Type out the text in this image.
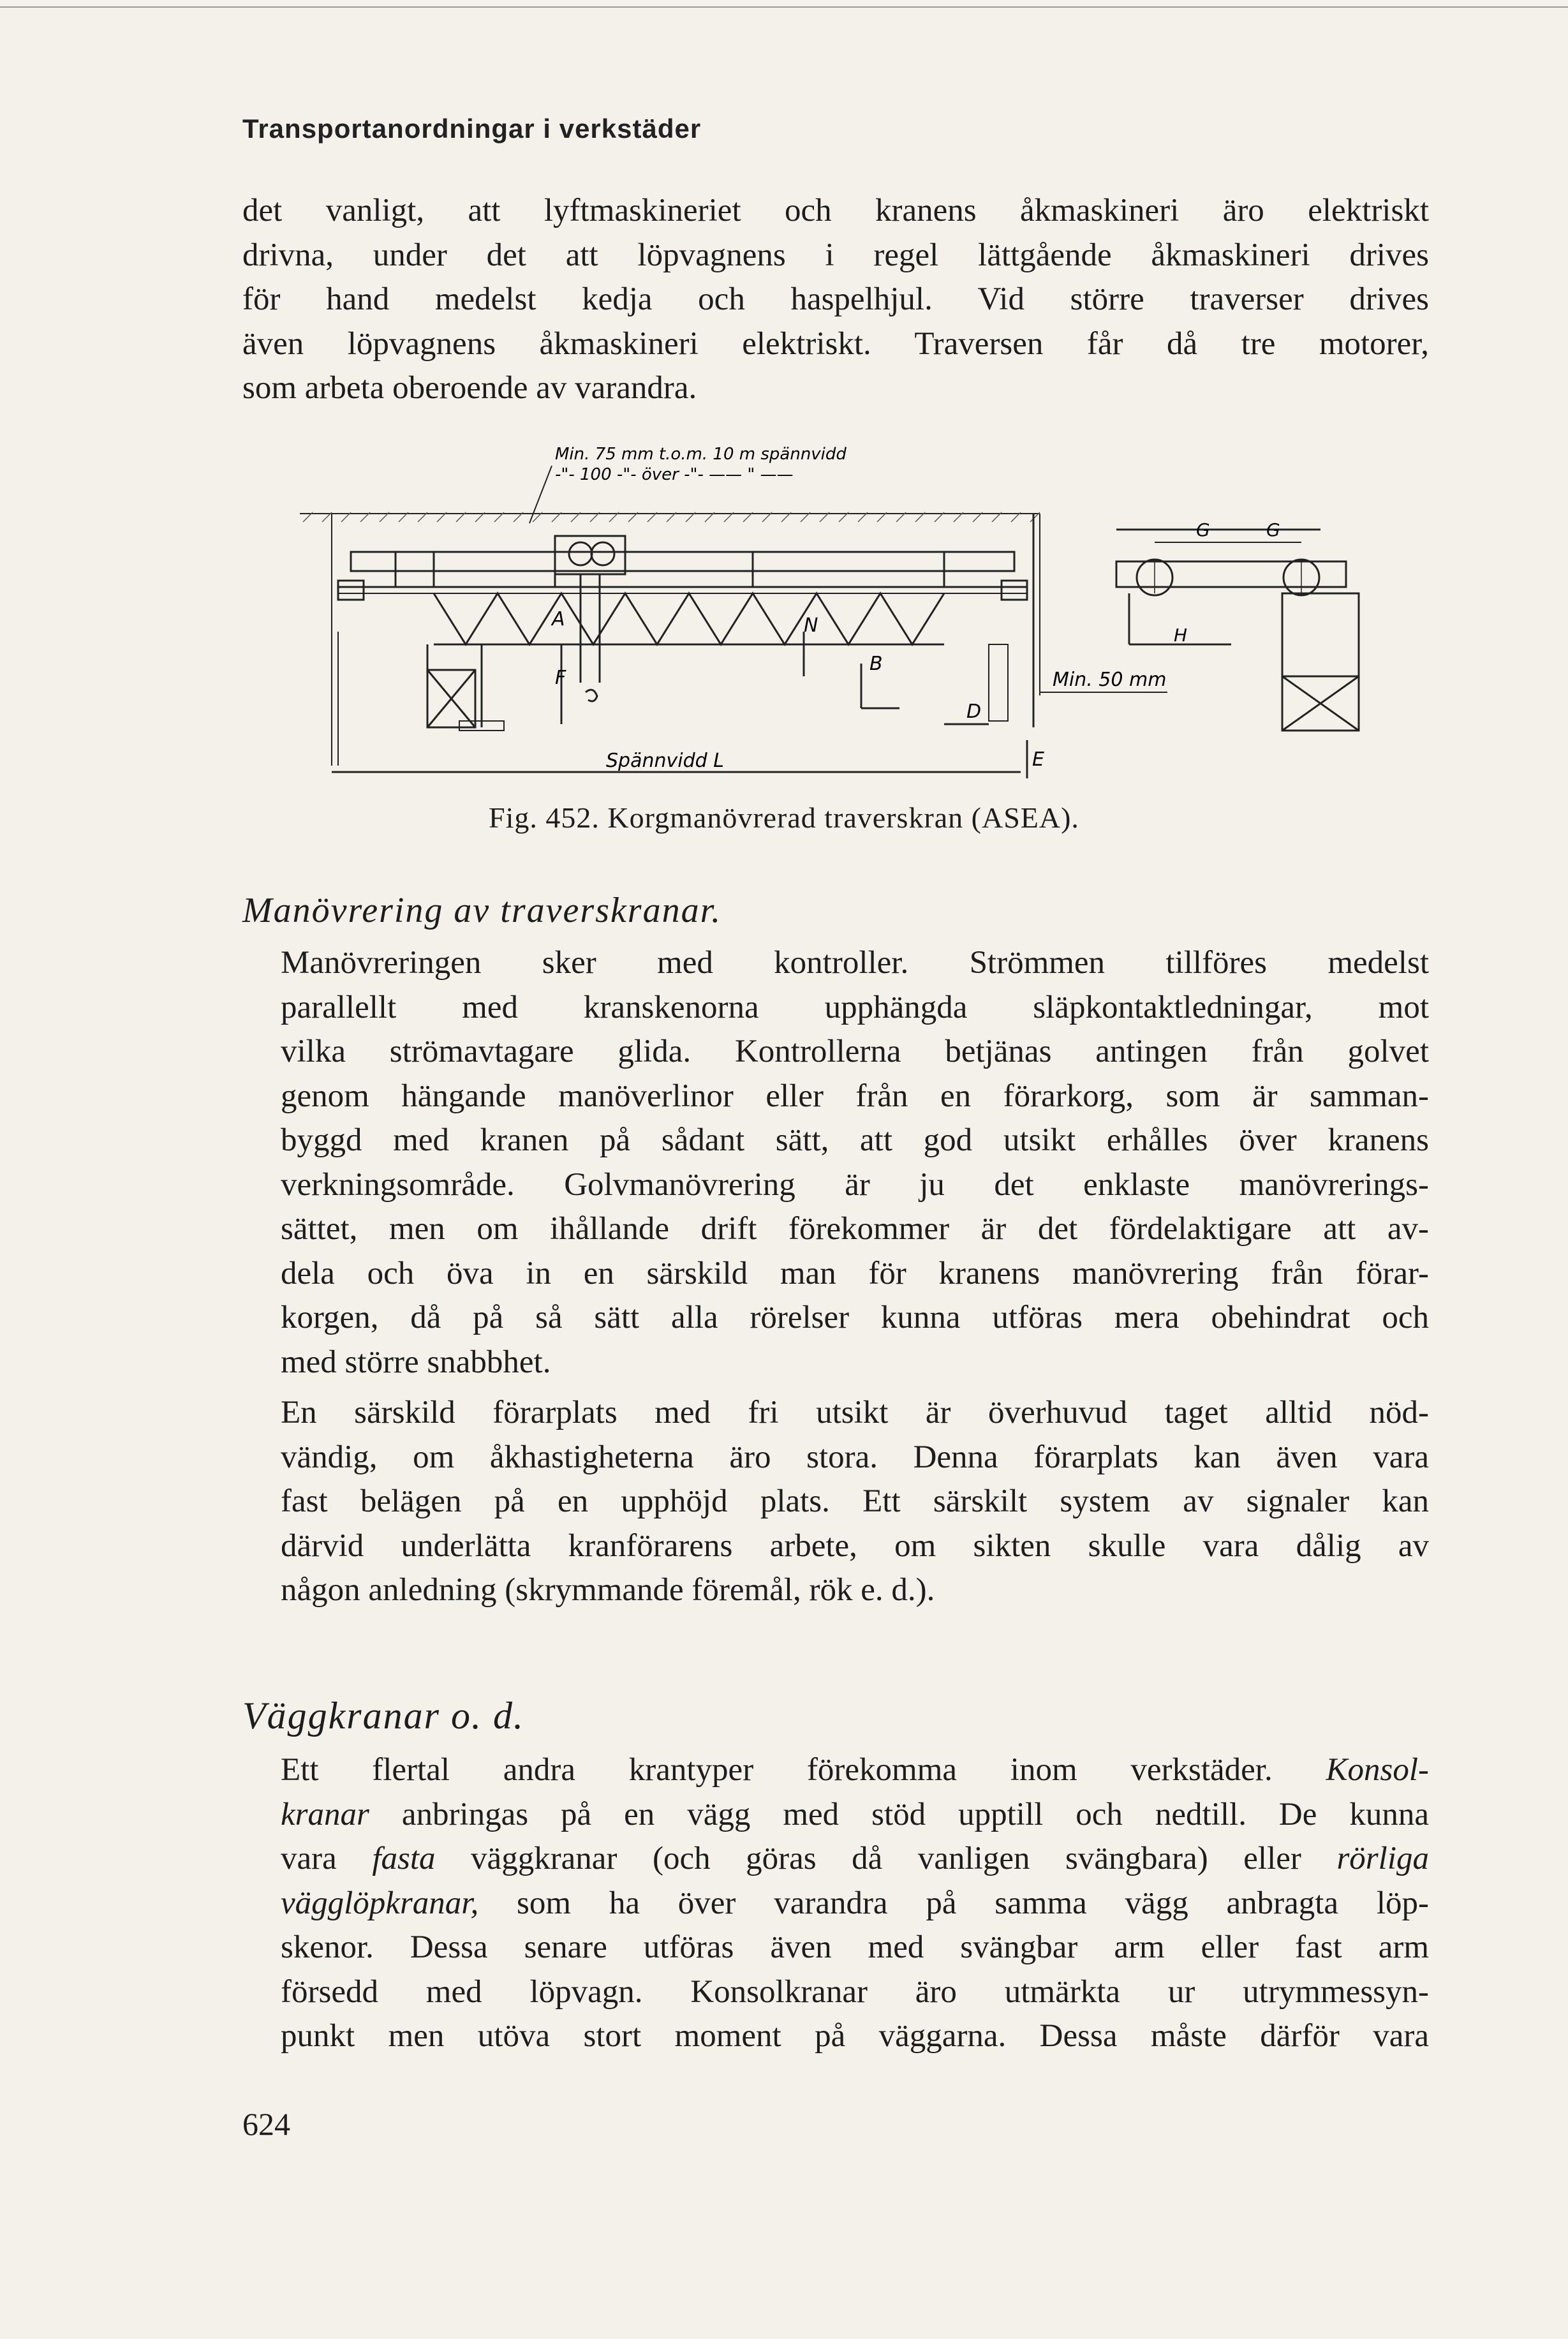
Transportanordningar i verkstäder

det vanligt, att lyftmaskineriet och kranens åkmaskineri äro elektriskt
drivna, under det att löpvagnens i regel lättgående åkmaskineri drives
för hand medelst kedja och haspelhjul. Vid större traverser drives
även löpvagnens åkmaskineri elektriskt. Traversen får då tre motorer,
som arbeta oberoende av varandra.

Min. 75 mm t.o.m. 10 m spännvidd
-"- 100 -"- över -"- —— " ——
A	N
F
B
D
E
G	G
H
Min. 50 mm
Spännvidd L
Fig. 452. Korgmanövrerad traverskran (ASEA).
Manövrering av traverskranar.

Manövreringen sker med kontroller. Strömmen tillföres medelst
parallellt med kranskenorna upphängda släpkontaktledningar, mot
vilka strömavtagare glida. Kontrollerna betjänas antingen från golvet
genom hängande manöverlinor eller från en förarkorg, som är samman-
byggd med kranen på sådant sätt, att god utsikt erhålles över kranens
verkningsområde. Golvmanövrering är ju det enklaste manövrerings-
sättet, men om ihållande drift förekommer är det fördelaktigare att av-
dela och öva in en särskild man för kranens manövrering från förar-
korgen, då på så sätt alla rörelser kunna utföras mera obehindrat och
med större snabbhet.

En särskild förarplats med fri utsikt är överhuvud taget alltid nöd-
vändig, om åkhastigheterna äro stora. Denna förarplats kan även vara
fast belägen på en upphöjd plats. Ett särskilt system av signaler kan
därvid underlätta kranförarens arbete, om sikten skulle vara dålig av
någon anledning (skrymmande föremål, rök e. d.).

Väggkranar o. d.

Ett flertal andra krantyper förekomma inom verkstäder. Konsol-
kranar anbringas på en vägg med stöd upptill och nedtill. De kunna
vara fasta väggkranar (och göras då vanligen svängbara) eller rörliga
vägglöpkranar, som ha över varandra på samma vägg anbragta löp-
skenor. Dessa senare utföras även med svängbar arm eller fast arm
försedd med löpvagn. Konsolkranar äro utmärkta ur utrymmessyn-
punkt men utöva stort moment på väggarna. Dessa måste därför vara

624
